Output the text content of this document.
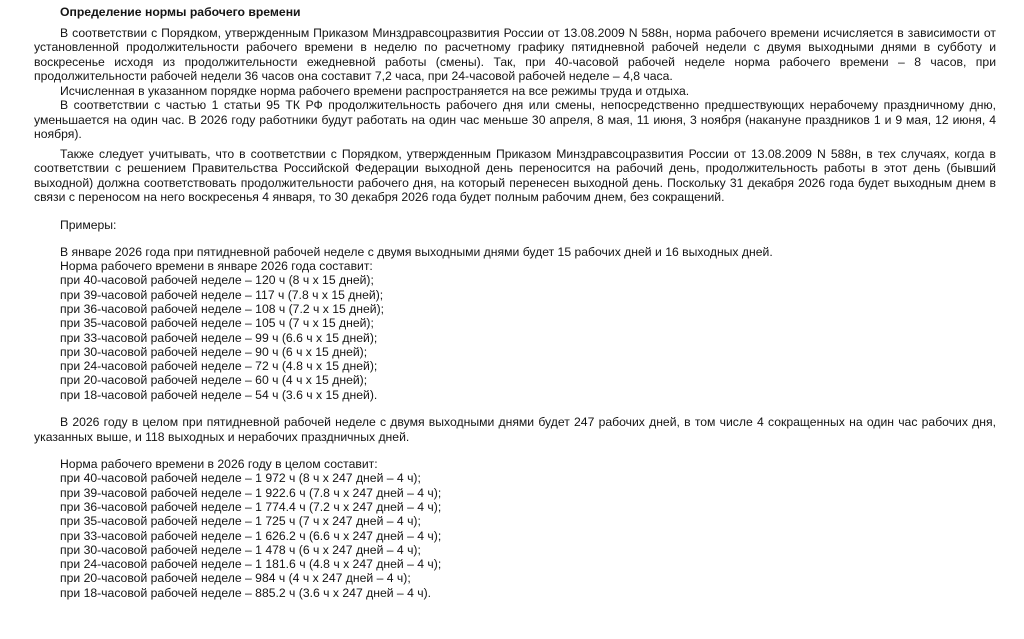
Определение нормы рабочего времени

В соответствии с Порядком, утвержденным Приказом Минздравсоцразвития России от 13.08.2009 N 588н, норма рабочего времени исчисляется в зависимости от установленной продолжительности рабочего времени в неделю по расчетному графику пятидневной рабочей недели с двумя выходными днями в субботу и воскресенье исходя из продолжительности ежедневной работы (смены). Так, при 40-часовой рабочей неделе норма рабочего времени – 8 часов, при продолжительности рабочей недели 36 часов она составит 7,2 часа, при 24-часовой рабочей неделе – 4,8 часа.

Исчисленная в указанном порядке норма рабочего времени распространяется на все режимы труда и отдыха.

В соответствии с частью 1 статьи 95 ТК РФ продолжительность рабочего дня или смены, непосредственно предшествующих нерабочему праздничному дню, уменьшается на один час. В 2026 году работники будут работать на один час меньше 30 апреля, 8 мая, 11 июня, 3 ноября (накануне праздников 1 и 9 мая, 12 июня, 4 ноября).

Также следует учитывать, что в соответствии с Порядком, утвержденным Приказом Минздравсоцразвития России от 13.08.2009 N 588н, в тех случаях, когда в соответствии с решением Правительства Российской Федерации выходной день переносится на рабочий день, продолжительность работы в этот день (бывший выходной) должна соответствовать продолжительности рабочего дня, на который перенесен выходной день. Поскольку 31 декабря 2026 года будет выходным днем в связи с переносом на него воскресенья 4 января, то 30 декабря 2026 года будет полным рабочим днем, без сокращений.

Примеры:
В январе 2026 года при пятидневной рабочей неделе с двумя выходными днями будет 15 рабочих дней и 16 выходных дней.
Норма рабочего времени в январе 2026 года составит:
при 40-часовой рабочей неделе – 120 ч (8 ч х 15 дней);
при 39-часовой рабочей неделе – 117 ч (7.8 ч х 15 дней);
при 36-часовой рабочей неделе – 108 ч (7.2 ч х 15 дней);
при 35-часовой рабочей неделе – 105 ч (7 ч х 15 дней);
при 33-часовой рабочей неделе – 99 ч (6.6 ч х 15 дней);
при 30-часовой рабочей неделе – 90 ч (6 ч х 15 дней);
при 24-часовой рабочей неделе – 72 ч (4.8 ч х 15 дней);
при 20-часовой рабочей неделе – 60 ч (4 ч х 15 дней);
при 18-часовой рабочей неделе – 54 ч (3.6 ч х 15 дней).

В 2026 году в целом при пятидневной рабочей неделе с двумя выходными днями будет 247 рабочих дней, в том числе 4 сокращенных на один час рабочих дня, указанных выше, и 118 выходных и нерабочих праздничных дней.

Норма рабочего времени в 2026 году в целом составит:
при 40-часовой рабочей неделе – 1 972 ч (8 ч х 247 дней – 4 ч);
при 39-часовой рабочей неделе – 1 922.6 ч (7.8 ч х 247 дней – 4 ч);
при 36-часовой рабочей неделе – 1 774.4 ч (7.2 ч х 247 дней – 4 ч);
при 35-часовой рабочей неделе – 1 725 ч (7 ч х 247 дней – 4 ч);
при 33-часовой рабочей неделе – 1 626.2 ч (6.6 ч х 247 дней – 4 ч);
при 30-часовой рабочей неделе – 1 478 ч (6 ч х 247 дней – 4 ч);
при 24-часовой рабочей неделе – 1 181.6 ч (4.8 ч х 247 дней – 4 ч);
при 20-часовой рабочей неделе – 984 ч (4 ч х 247 дней – 4 ч);
при 18-часовой рабочей неделе – 885.2 ч (3.6 ч х 247 дней – 4 ч).
